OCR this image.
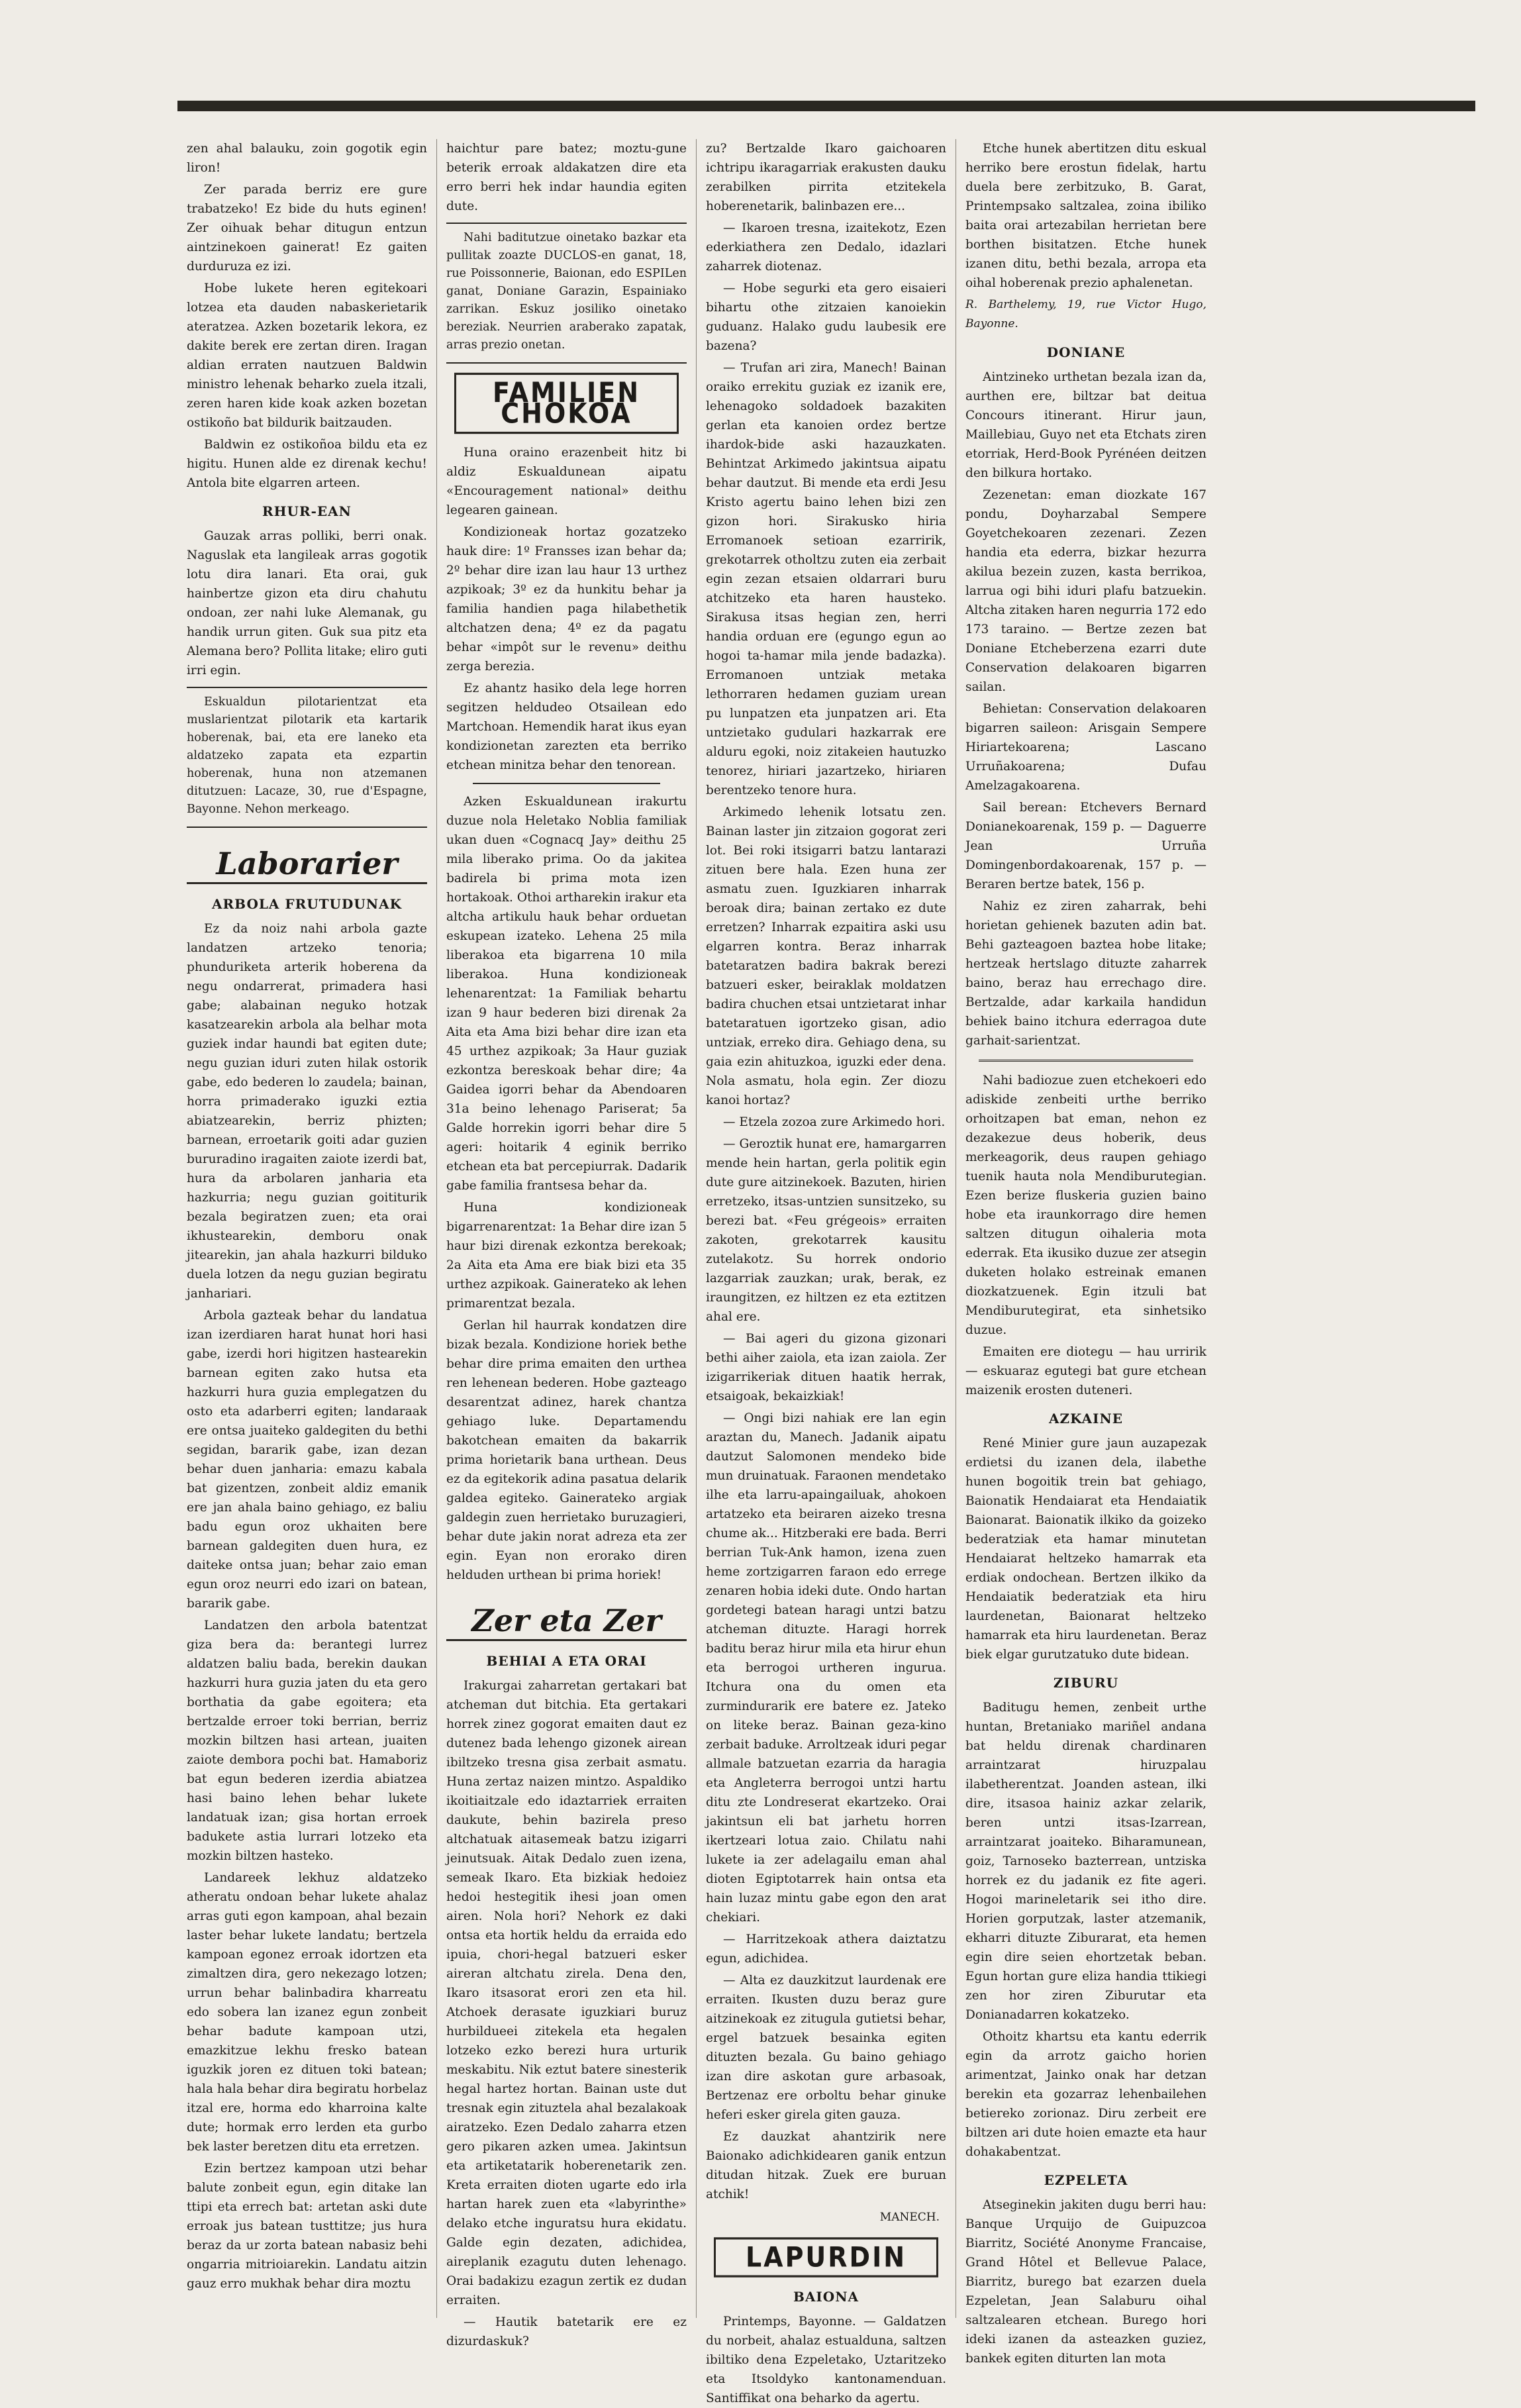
zen ahal balauku, zoin gogotik egin liron!

Zer parada berriz ere gure trabatzeko! Ez bide du huts eginen! Zer oihuak behar ditugun entzun aintzinekoen gainerat! Ez gaiten durduruza ez izi.

Hobe lukete heren egitekoari lotzea eta dauden nabaskerietarik ateratzea. Azken bozetarik lekora, ez dakite berek ere zertan diren. Iragan aldian erraten nautzuen Baldwin ministro lehenak beharko zuela itzali, zeren haren kide koak azken bozetan ostikoño bat bildurik baitzauden.

Baldwin ez ostikoñoa bildu eta ez higitu. Hunen alde ez direnak kechu! Antola bite elgarren arteen.

RHUR-EAN

Gauzak arras polliki, berri onak. Naguslak eta langileak arras gogotik lotu dira lanari. Eta orai, guk hainbertze gizon eta diru chahutu ondoan, zer nahi luke Alemanak, gu handik urrun giten. Guk sua pitz eta Alemana bero? Pollita litake; eliro guti irri egin.

Eskualdun pilotarientzat eta muslarientzat pilotarik eta kartarik hoberenak, bai, eta ere laneko eta aldatzeko zapata eta ezpartin hoberenak, huna non atzemanen ditutzuen: Lacaze, 30, rue d'Espagne, Bayonne. Nehon merkeago.

Laborarier
ARBOLA FRUTUDUNAK

Ez da noiz nahi arbola gazte landatzen artzeko tenoria; phunduriketa arterik hoberena da negu ondarrerat, primadera hasi gabe; alabainan neguko hotzak kasatzearekin arbola ala belhar mota guziek indar haundi bat egiten dute; negu guzian iduri zuten hilak ostorik gabe, edo bederen lo zaudela; bainan, horra primaderako iguzki eztia abiatzearekin, berriz phizten; barnean, erroetarik goiti adar guzien bururadino iragaiten zaiote izerdi bat, hura da arbolaren janharia eta hazkurria; negu guzian goititurik bezala begiratzen zuen; eta orai ikhustearekin, demboru onak jitearekin, jan ahala hazkurri bilduko duela lotzen da negu guzian begiratu janhariari.

Arbola gazteak behar du landatua izan izerdiaren harat hunat hori hasi gabe, izerdi hori higitzen hastearekin barnean egiten zako hutsa eta hazkurri hura guzia emplegatzen du osto eta adarberri egiten; landaraak ere ontsa juaiteko galdegiten du bethi segidan, bararik gabe, izan dezan behar duen janharia: emazu kabala bat gizentzen, zonbeit aldiz emanik ere jan ahala baino gehiago, ez baliu badu egun oroz ukhaiten bere barnean galdegiten duen hura, ez daiteke ontsa juan; behar zaio eman egun oroz neurri edo izari on batean, bararik gabe.

Landatzen den arbola batentzat giza bera da: berantegi lurrez aldatzen baliu bada, berekin daukan hazkurri hura guzia jaten du eta gero borthatia da gabe egoitera; eta bertzalde erroer toki berrian, berriz mozkin biltzen hasi artean, juaiten zaiote dembora pochi bat. Hamaboriz bat egun bederen izerdia abiatzea hasi baino lehen behar lukete landatuak izan; gisa hortan erroek badukete astia lurrari lotzeko eta mozkin biltzen hasteko.

Landareek lekhuz aldatzeko atheratu ondoan behar lukete ahalaz arras guti egon kampoan, ahal bezain laster behar lukete landatu; bertzela kampoan egonez erroak idortzen eta zimaltzen dira, gero nekezago lotzen; urrun behar balinbadira kharreatu edo sobera lan izanez egun zonbeit behar badute kampoan utzi, emazkitzue lekhu fresko batean iguzkik joren ez dituen toki batean; hala hala behar dira begiratu horbelaz itzal ere, horma edo kharroina kalte dute; hormak erro lerden eta gurbo bek laster beretzen ditu eta erretzen.

Ezin bertzez kampoan utzi behar balute zonbeit egun, egin ditake lan ttipi eta errech bat: artetan aski dute erroak jus batean tusttitze; jus hura beraz da ur zorta batean nabasiz behi ongarria mitrioiarekin. Landatu aitzin gauz erro mukhak behar dira moztu

haichtur pare batez; moztu-gune beterik erroak aldakatzen dire eta erro berri hek indar haundia egiten dute.

Nahi baditutzue oinetako bazkar eta pullitak zoazte DUCLOS-en ganat, 18, rue Poissonnerie, Baionan, edo ESPILen ganat, Doniane Garazin, Espainiako zarrikan. Eskuz josiliko oinetako bereziak. Neurrien araberako zapatak, arras prezio onetan.

FAMILIEN CHOKOA

Huna oraino erazenbeit hitz bi aldiz Eskualdunean aipatu «Encouragement national» deithu legearen gainean.

Kondizioneak hortaz gozatzeko hauk dire: 1º Fransses izan behar da; 2º behar dire izan lau haur 13 urthez azpikoak; 3º ez da hunkitu behar ja familia handien paga hilabethetik altchatzen dena; 4º ez da pagatu behar «impôt sur le revenu» deithu zerga berezia.

Ez ahantz hasiko dela lege horren segitzen heldudeo Otsailean edo Martchoan. Hemendik harat ikus eyan kondizionetan zarezten eta berriko etchean minitza behar den tenorean.

Azken Eskualdunean irakurtu duzue nola Heletako Noblia familiak ukan duen «Cognacq Jay» deithu 25 mila liberako prima. Oo da jakitea badirela bi prima mota izen hortakoak. Othoi artharekin irakur eta altcha artikulu hauk behar orduetan eskupean izateko. Lehena 25 mila liberakoa eta bigarrena 10 mila liberakoa. Huna kondizioneak lehenarentzat: 1a Familiak behartu izan 9 haur bederen bizi direnak 2a Aita eta Ama bizi behar dire izan eta 45 urthez azpikoak; 3a Haur guziak ezkontza bereskoak behar dire; 4a Gaidea igorri behar da Abendoaren 31a beino lehenago Pariserat; 5a Galde horrekin igorri behar dire 5 ageri: hoitarik 4 eginik berriko etchean eta bat percepiurrak. Dadarik gabe familia frantsesa behar da.

Huna kondizioneak bigarrenarentzat: 1a Behar dire izan 5 haur bizi direnak ezkontza berekoak; 2a Aita eta Ama ere biak bizi eta 35 urthez azpikoak. Gainerateko ak lehen primarentzat bezala.

Gerlan hil haurrak kondatzen dire bizak bezala. Kondizione horiek bethe behar dire prima emaiten den urthea ren lehenean bederen. Hobe gazteago desarentzat adinez, harek chantza gehiago luke. Departamendu bakotchean emaiten da bakarrik prima horietarik bana urthean. Deus ez da egitekorik adina pasatua delarik galdea egiteko. Gainerateko argiak galdegin zuen herrietako buruzagieri, behar dute jakin norat adreza eta zer egin. Eyan non erorako diren helduden urthean bi prima horiek!

Zer eta Zer
BEHIAI A ETA ORAI

Irakurgai zaharretan gertakari bat atcheman dut bitchia. Eta gertakari horrek zinez gogorat emaiten daut ez dutenez bada lehengo gizonek airean ibiltzeko tresna gisa zerbait asmatu. Huna zertaz naizen mintzo. Aspaldiko ikoitiaitzale edo idaztarriek erraiten daukute, behin bazirela preso altchatuak aitasemeak batzu izigarri jeinutsuak. Aitak Dedalo zuen izena, semeak Ikaro. Eta bizkiak hedoiez hedoi hestegitik ihesi joan omen airen. Nola hori? Nehork ez daki ontsa eta hortik heldu da erraida edo ipuia, chori-hegal batzueri esker aireran altchatu zirela. Dena den, Ikaro itsasorat erori zen eta hil. Atchoek derasate iguzkiari buruz hurbildueei zitekela eta hegalen lotzeko ezko berezi hura urturik meskabitu. Nik eztut batere sinesterik hegal hartez hortan. Bainan uste dut tresnak egin zituztela ahal bezalakoak airatzeko. Ezen Dedalo zaharra etzen gero pikaren azken umea. Jakintsun eta artiketatarik hoberenetarik zen. Kreta erraiten dioten ugarte edo irla hartan harek zuen eta «labyrinthe» delako etche inguratsu hura ekidatu. Galde egin dezaten, adichidea, aireplanik ezagutu duten lehenago. Orai badakizu ezagun zertik ez dudan erraiten.

— Hautik batetarik ere ez dizurdaskuk?

zu? Bertzalde Ikaro gaichoaren ichtripu ikaragarriak erakusten dauku zerabilken pirrita etzitekela hoberenetarik, balinbazen ere...

— Ikaroen tresna, izaitekotz, Ezen ederkiathera zen Dedalo, idazlari zaharrek diotenaz.

— Hobe segurki eta gero eisaieri bihartu othe zitzaien kanoiekin guduanz. Halako gudu laubesik ere bazena?

— Trufan ari zira, Manech! Bainan oraiko errekitu guziak ez izanik ere, lehenagoko soldadoek bazakiten gerlan eta kanoien ordez bertze ihardok-bide aski hazauzkaten. Behintzat Arkimedo jakintsua aipatu behar dautzut. Bi mende eta erdi Jesu Kristo agertu baino lehen bizi zen gizon hori. Sirakusko hiria Erromanoek setioan ezarririk, grekotarrek otholtzu zuten eia zerbait egin zezan etsaien oldarrari buru atchitzeko eta haren hausteko. Sirakusa itsas hegian zen, herri handia orduan ere (egungo egun ao hogoi ta-hamar mila jende badazka). Erromanoen untziak metaka lethorraren hedamen guziam urean pu lunpatzen eta junpatzen ari. Eta untzietako gudulari hazkarrak ere alduru egoki, noiz zitakeien hautuzko tenorez, hiriari jazartzeko, hiriaren berentzeko tenore hura.

Arkimedo lehenik lotsatu zen. Bainan laster jin zitzaion gogorat zeri lot. Bei roki itsigarri batzu lantarazi zituen bere hala. Ezen huna zer asmatu zuen. Iguzkiaren inharrak beroak dira; bainan zertako ez dute erretzen? Inharrak ezpaitira aski usu elgarren kontra. Beraz inharrak batetaratzen badira bakrak berezi batzueri esker, beiraklak moldatzen badira chuchen etsai untzietarat inhar batetaratuen igortzeko gisan, adio untziak, erreko dira. Gehiago dena, su gaia ezin ahituzkoa, iguzki eder dena. Nola asmatu, hola egin. Zer diozu kanoi hortaz?

— Etzela zozoa zure Arkimedo hori.

— Geroztik hunat ere, hamargarren mende hein hartan, gerla politik egin dute gure aitzinekoek. Bazuten, hirien erretzeko, itsas-untzien sunsitzeko, su berezi bat. «Feu grégeois» erraiten zakoten, grekotarrek kausitu zutelakotz. Su horrek ondorio lazgarriak zauzkan; urak, berak, ez iraungitzen, ez hiltzen ez eta eztitzen ahal ere.

— Bai ageri du gizona gizonari bethi aiher zaiola, eta izan zaiola. Zer izigarrikeriak dituen haatik herrak, etsaigoak, bekaizkiak!

— Ongi bizi nahiak ere lan egin araztan du, Manech. Jadanik aipatu dautzut Salomonen mendeko bide mun druinatuak. Faraonen mendetako ilhe eta larru-apaingailuak, ahokoen artatzeko eta beiraren aizeko tresna chume ak... Hitzberaki ere bada. Berri berrian Tuk-Ank hamon, izena zuen heme zortzigarren faraon edo errege zenaren hobia ideki dute. Ondo hartan gordetegi batean haragi untzi batzu atcheman dituzte. Haragi horrek baditu beraz hirur mila eta hirur ehun eta berrogoi urtheren ingurua. Itchura ona du omen eta zurmindurarik ere batere ez. Jateko on liteke beraz. Bainan geza-kino zerbait baduke. Arroltzeak iduri pegar allmale batzuetan ezarria da haragia eta Angleterra berrogoi untzi hartu ditu zte Londreserat ekartzeko. Orai jakintsun eli bat jarhetu horren ikertzeari lotua zaio. Chilatu nahi lukete ia zer adelagailu eman ahal dioten Egiptotarrek hain ontsa eta hain luzaz mintu gabe egon den arat chekiari.

— Harritzekoak athera daiztatzu egun, adichidea.

— Alta ez dauzkitzut laurdenak ere erraiten. Ikusten duzu beraz gure aitzinekoak ez zitugula gutietsi behar, ergel batzuek besainka egiten dituzten bezala. Gu baino gehiago izan dire askotan gure arbasoak, Bertzenaz ere orboltu behar ginuke heferi esker girela giten gauza.

Ez dauzkat ahantzirik nere Baionako adichkidearen ganik entzun ditudan hitzak. Zuek ere buruan atchik!

MANECH.
LAPURDIN
BAIONA

Printemps, Bayonne. — Galdatzen du norbeit, ahalaz estualduna, saltzen ibiltiko dena Ezpeletako, Uztaritzeko eta Itsoldyko kantonamenduan. Santiffikat ona beharko da agertu.

Etche hunek abertitzen ditu eskual herriko bere erostun fidelak, hartu duela bere zerbitzuko, B. Garat, Printempsako saltzalea, zoina ibiliko baita orai artezabilan herrietan bere borthen bisitatzen. Etche hunek izanen ditu, bethi bezala, arropa eta oihal hoberenak prezio aphalenetan.

R. Barthelemy, 19, rue Victor Hugo, Bayonne.

DONIANE

Aintzineko urthetan bezala izan da, aurthen ere, biltzar bat deitua Concours itinerant. Hirur jaun, Maillebiau, Guyo net eta Etchats ziren etorriak, Herd-Book Pyrénéen deitzen den bilkura hortako.

Zezenetan: eman diozkate 167 pondu, Doyharzabal Sempere Goyetchekoaren zezenari. Zezen handia eta ederra, bizkar hezurra akilua bezein zuzen, kasta berrikoa, larrua ogi bihi iduri plafu batzuekin. Altcha zitaken haren negurria 172 edo 173 taraino. — Bertze zezen bat Doniane Etcheberzena ezarri dute Conservation delakoaren bigarren sailan.

Behietan: Conservation delakoaren bigarren saileon: Arisgain Sempere Hiriartekoarena; Lascano Urruñakoarena; Dufau Amelzagakoarena.

Sail berean: Etchevers Bernard Donianekoarenak, 159 p. — Daguerre Jean Urruña Domingenbordakoarenak, 157 p. — Beraren bertze batek, 156 p.

Nahiz ez ziren zaharrak, behi horietan gehienek bazuten adin bat. Behi gazteagoen baztea hobe litake; hertzeak hertslago dituzte zaharrek baino, beraz hau errechago dire. Bertzalde, adar karkaila handidun behiek baino itchura ederragoa dute garhait-sarientzat.

Nahi badiozue zuen etchekoeri edo adiskide zenbeiti urthe berriko orhoitzapen bat eman, nehon ez dezakezue deus hoberik, deus merkeagorik, deus raupen gehiago tuenik hauta nola Mendiburutegian. Ezen berize fluskeria guzien baino hobe eta iraunkorrago dire hemen saltzen ditugun oihaleria mota ederrak. Eta ikusiko duzue zer atsegin duketen holako estreinak emanen diozkatzuenek. Egin itzuli bat Mendiburutegirat, eta sinhetsiko duzue.

Emaiten ere diotegu — hau urririk — eskuaraz egutegi bat gure etchean maizenik erosten duteneri.

AZKAINE

René Minier gure jaun auzapezak erdietsi du izanen dela, ilabethe hunen bogoitik trein bat gehiago, Baionatik Hendaiarat eta Hendaiatik Baionarat. Baionatik ilkiko da goizeko bederatziak eta hamar minutetan Hendaiarat heltzeko hamarrak eta erdiak ondochean. Bertzen ilkiko da Hendaiatik bederatziak eta hiru laurdenetan, Baionarat heltzeko hamarrak eta hiru laurdenetan. Beraz biek elgar gurutzatuko dute bidean.

ZIBURU

Baditugu hemen, zenbeit urthe huntan, Bretaniako mariñel andana bat heldu direnak chardinaren arraintzarat hiruzpalau ilabetherentzat. Joanden astean, ilki dire, itsasoa hainiz azkar zelarik, beren untzi itsas-Izarrean, arraintzarat joaiteko. Biharamunean, goiz, Tarnoseko bazterrean, untziska horrek ez du jadanik ez fite ageri. Hogoi marineletarik sei itho dire. Horien gorputzak, laster atzemanik, ekharri dituzte Ziburarat, eta hemen egin dire seien ehortzetak beban. Egun hortan gure eliza handia ttikiegi zen hor ziren Ziburutar eta Donianadarren kokatzeko.

Othoitz khartsu eta kantu ederrik egin da arrotz gaicho horien arimentzat, Jainko onak har detzan berekin eta gozarraz lehenbailehen betiereko zorionaz. Diru zerbeit ere biltzen ari dute hoien emazte eta haur dohakabentzat.

EZPELETA

Atseginekin jakiten dugu berri hau: Banque Urquijo de Guipuzcoa Biarritz, Société Anonyme Francaise, Grand Hôtel et Bellevue Palace, Biarritz, burego bat ezarzen duela Ezpeletan, Jean Salaburu oihal saltzalearen etchean. Burego hori ideki izanen da asteazken guziez, bankek egiten diturten lan mota
